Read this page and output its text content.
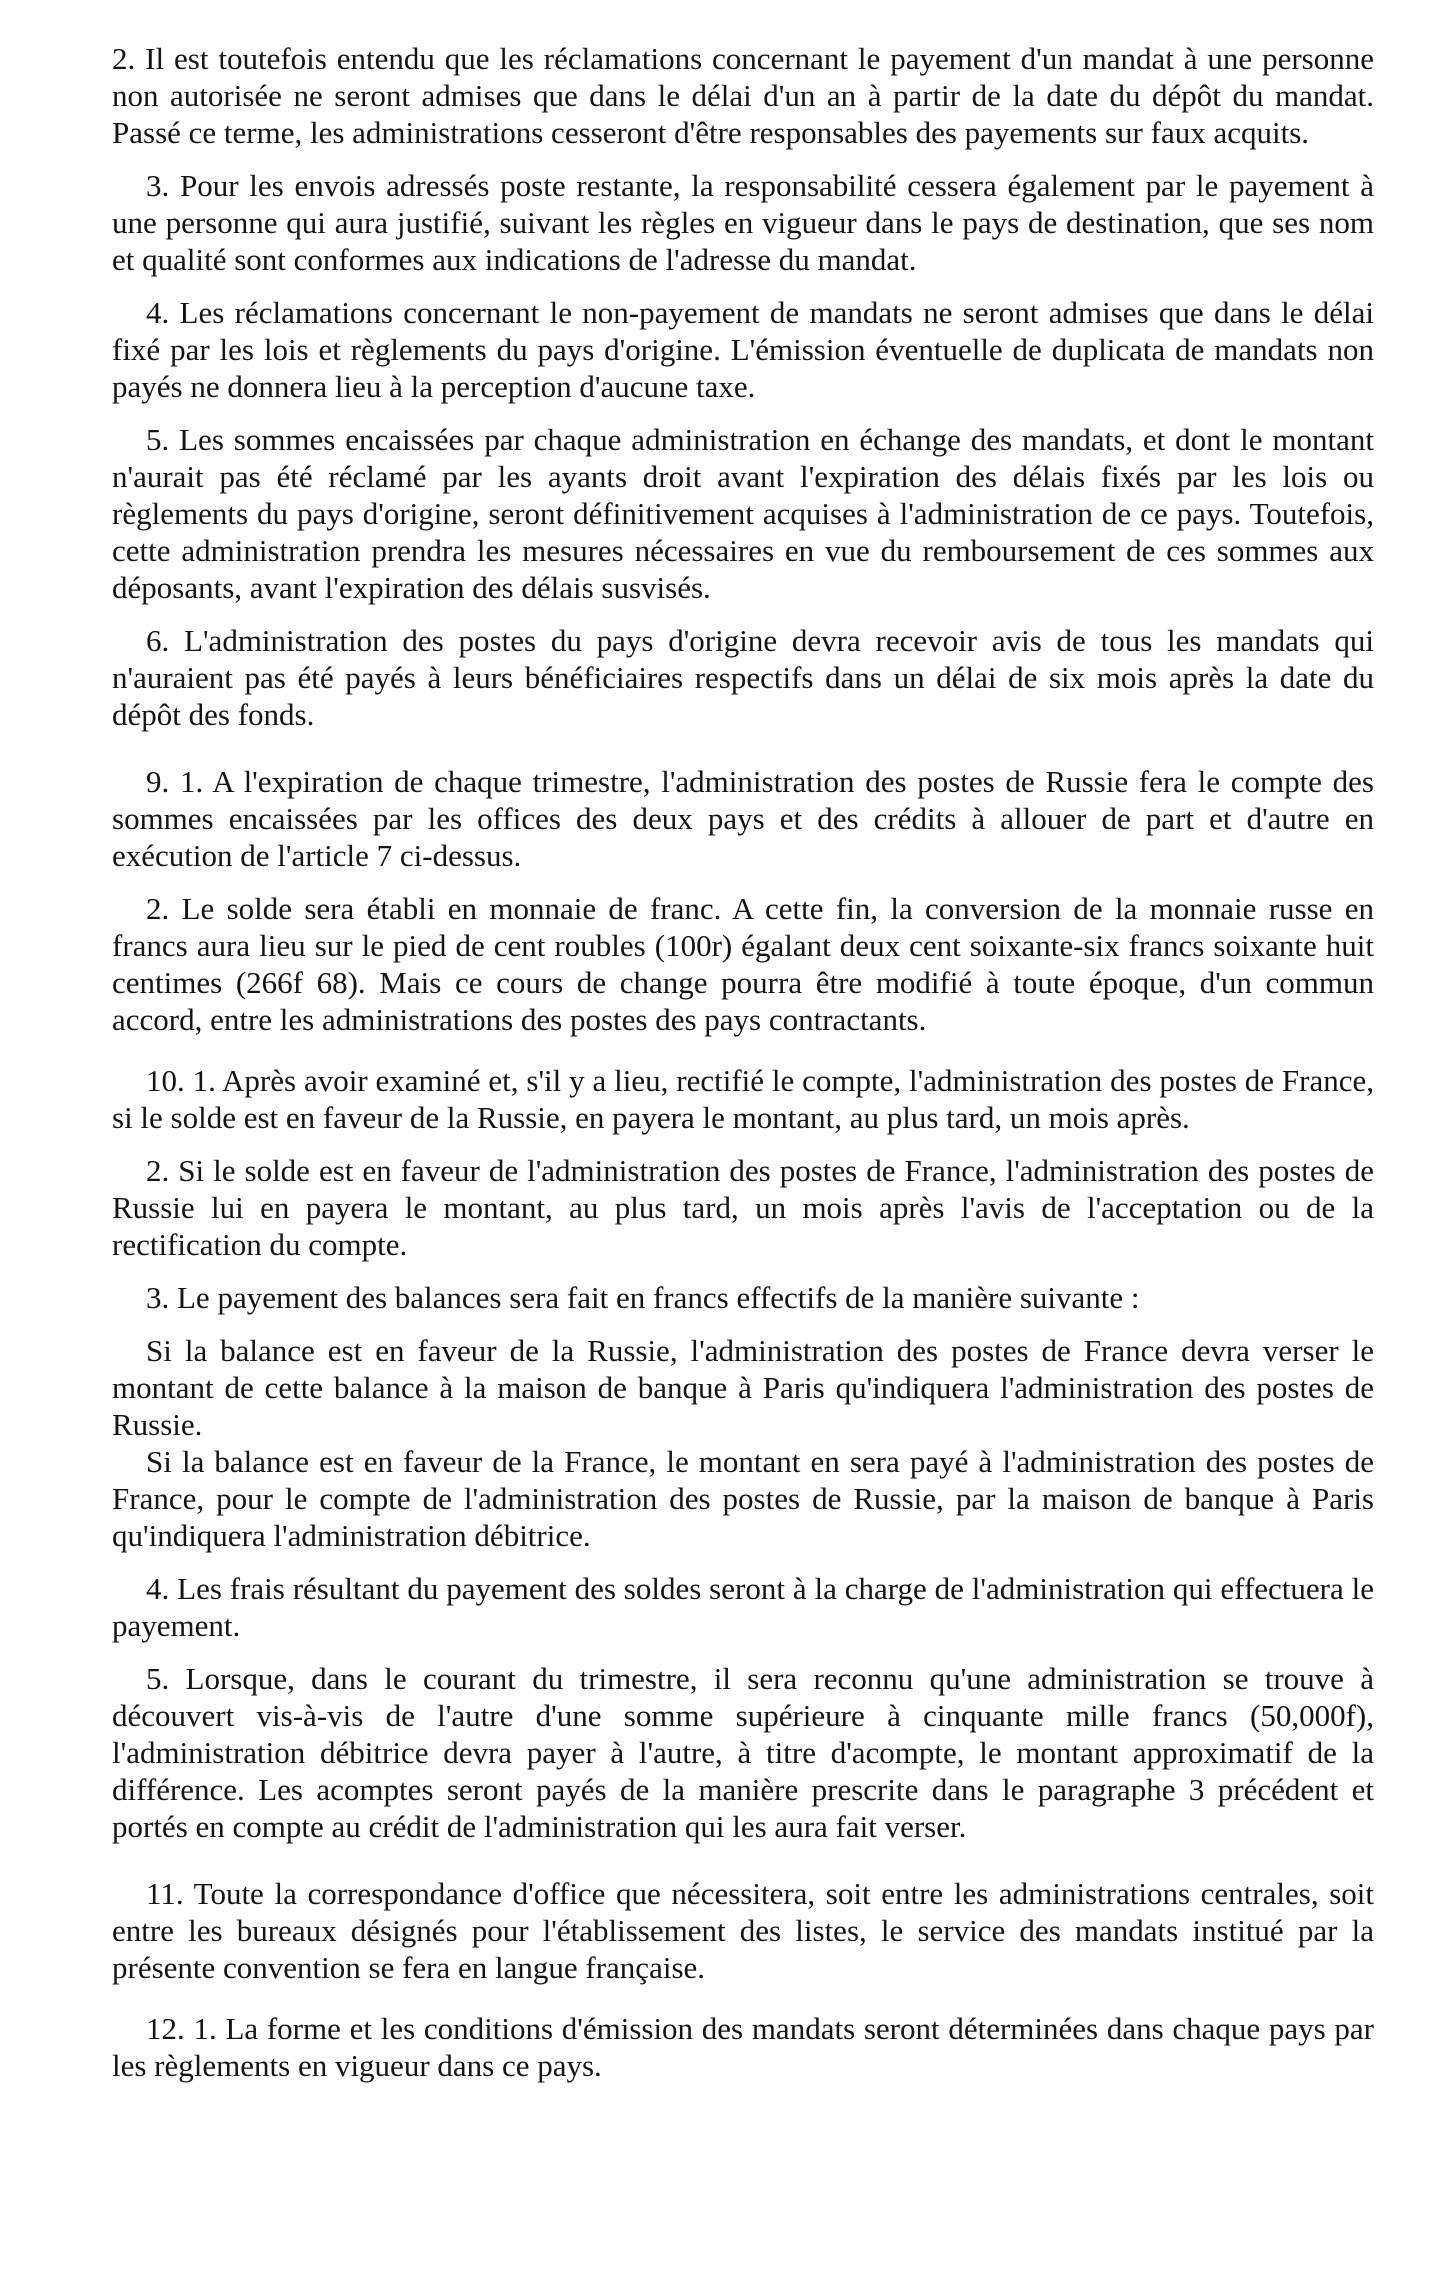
2. Il est toutefois entendu que les réclamations concernant le payement d'un mandat à une personne non autorisée ne seront admises que dans le délai d'un an à partir de la date du dépôt du mandat. Passé ce terme, les administrations cesseront d'être responsables des payements sur faux acquits.

3. Pour les envois adressés poste restante, la responsabilité cessera également par le payement à une personne qui aura justifié, suivant les règles en vigueur dans le pays de destination, que ses nom et qualité sont conformes aux indications de l'adresse du mandat.

4. Les réclamations concernant le non-payement de mandats ne seront admises que dans le délai fixé par les lois et règlements du pays d'origine. L'émission éventuelle de duplicata de mandats non payés ne donnera lieu à la perception d'aucune taxe.

5. Les sommes encaissées par chaque administration en échange des mandats, et dont le montant n'aurait pas été réclamé par les ayants droit avant l'expiration des délais fixés par les lois ou règlements du pays d'origine, seront définitivement acquises à l'administration de ce pays. Toutefois, cette administration prendra les mesures nécessaires en vue du remboursement de ces sommes aux déposants, avant l'expiration des délais susvisés.

6. L'administration des postes du pays d'origine devra recevoir avis de tous les mandats qui n'auraient pas été payés à leurs bénéficiaires respectifs dans un délai de six mois après la date du dépôt des fonds.

9. 1. A l'expiration de chaque trimestre, l'administration des postes de Russie fera le compte des sommes encaissées par les offices des deux pays et des crédits à allouer de part et d'autre en exécution de l'article 7 ci-dessus.

2. Le solde sera établi en monnaie de franc. A cette fin, la conversion de la monnaie russe en francs aura lieu sur le pied de cent roubles (100r) égalant deux cent soixante-six francs soixante huit centimes (266f 68). Mais ce cours de change pourra être modifié à toute époque, d'un commun accord, entre les administrations des postes des pays contractants.

10. 1. Après avoir examiné et, s'il y a lieu, rectifié le compte, l'administration des postes de France, si le solde est en faveur de la Russie, en payera le montant, au plus tard, un mois après.

2. Si le solde est en faveur de l'administration des postes de France, l'administration des postes de Russie lui en payera le montant, au plus tard, un mois après l'avis de l'acceptation ou de la rectification du compte.

3. Le payement des balances sera fait en francs effectifs de la manière suivante :

Si la balance est en faveur de la Russie, l'administration des postes de France devra verser le montant de cette balance à la maison de banque à Paris qu'indiquera l'administration des postes de Russie.

Si la balance est en faveur de la France, le montant en sera payé à l'administration des postes de France, pour le compte de l'administration des postes de Russie, par la maison de banque à Paris qu'indiquera l'administration débitrice.

4. Les frais résultant du payement des soldes seront à la charge de l'administration qui effectuera le payement.

5. Lorsque, dans le courant du trimestre, il sera reconnu qu'une administration se trouve à découvert vis-à-vis de l'autre d'une somme supérieure à cinquante mille francs (50,000f), l'administration débitrice devra payer à l'autre, à titre d'acompte, le montant approximatif de la différence. Les acomptes seront payés de la manière prescrite dans le paragraphe 3 précédent et portés en compte au crédit de l'administration qui les aura fait verser.

11. Toute la correspondance d'office que nécessitera, soit entre les administrations centrales, soit entre les bureaux désignés pour l'établissement des listes, le service des mandats institué par la présente convention se fera en langue française.

12. 1. La forme et les conditions d'émission des mandats seront déterminées dans chaque pays par les règlements en vigueur dans ce pays.
